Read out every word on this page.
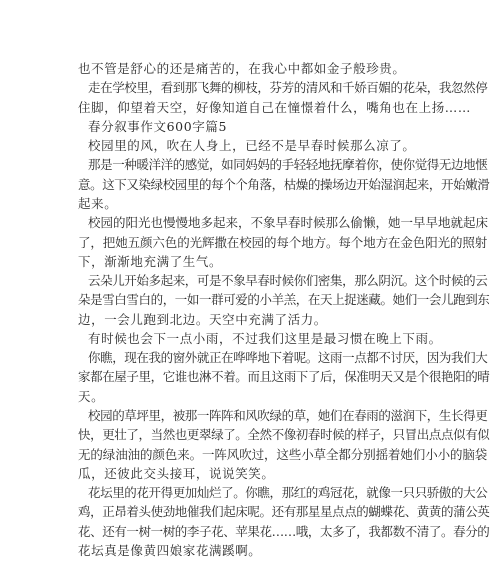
也不管是舒心的还是痛苦的，在我心中都如金子般珍贵。
走在学校里，看到那飞舞的柳枝，芬芳的清风和千娇百媚的花朵，我忽然停
住脚，仰望着天空，好像知道自己在憧憬着什么，嘴角也在上扬……
春分叙事作文600字篇5
校园里的风，吹在人身上，已经不是早春时候那么凉了。
那是一种暖洋洋的感觉，如同妈妈的手轻轻地抚摩着你，使你觉得无边地惬
意。这下又染绿校园里的每个个角落，枯燥的操场边开始湿润起来，开始嫩滑
起来。
校园的阳光也慢慢地多起来，不象早春时候那么偷懒，她一早早地就起床
了，把她五颜六色的光辉撒在校园的每个地方。每个地方在金色阳光的照射
下，渐渐地充满了生气。
云朵儿开始多起来，可是不象早春时候你们密集，那么阴沉。这个时候的云
朵是雪白雪白的，一如一群可爱的小羊羔，在天上捉迷藏。她们一会儿跑到东
边，一会儿跑到北边。天空中充满了活力。
有时候也会下一点小雨，不过我们这里是最习惯在晚上下雨。
你瞧，现在我的窗外就正在哗哗地下着呢。这雨一点都不讨厌，因为我们大
家都在屋子里，它谁也淋不着。而且这雨下了后，保准明天又是个很艳阳的晴
天。
校园的草坪里，被那一阵阵和风吹绿的草，她们在春雨的滋润下，生长得更
快，更壮了，当然也更翠绿了。全然不像初春时候的样子，只冒出点点似有似
无的绿油油的颜色来。一阵风吹过，这些小草全都分别摇着她们小小的脑袋
瓜，还彼此交头接耳，说说笑笑。
花坛里的花开得更加灿烂了。你瞧，那红的鸡冠花，就像一只只骄傲的大公
鸡，正昂着头使劲地催我们起床呢。还有那星星点点的蝴蝶花、黄黄的蒲公英
花、还有一树一树的李子花、苹果花……哦，太多了，我都数不清了。春分的
花坛真是像黄四娘家花满蹊啊。
